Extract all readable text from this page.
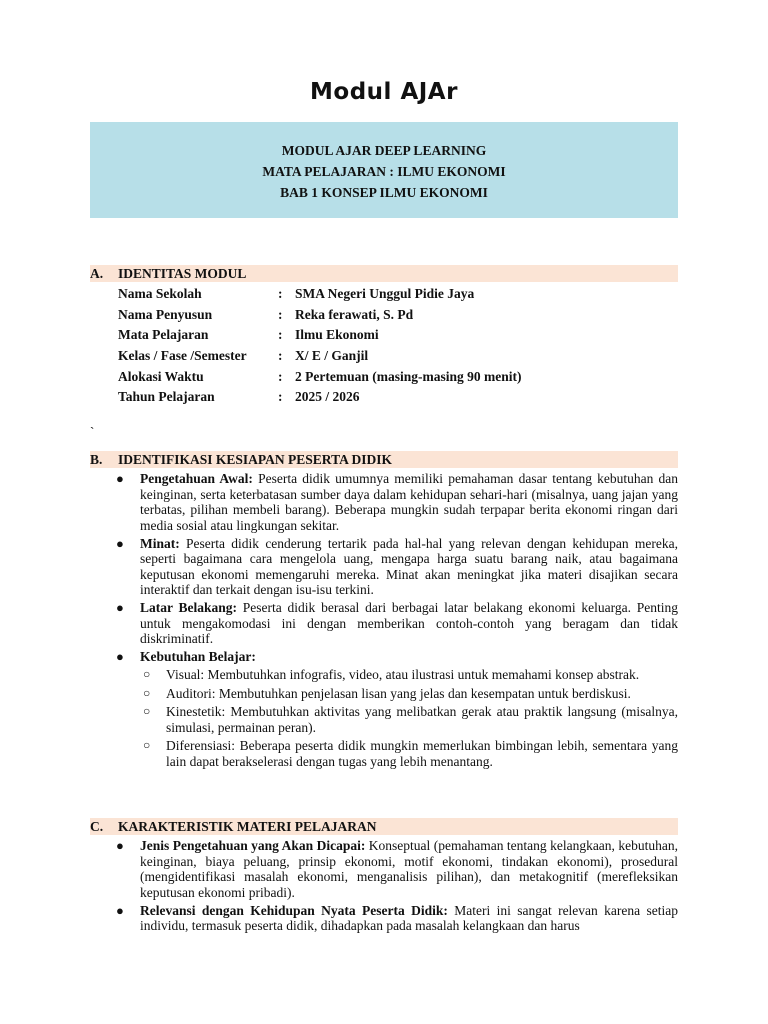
Modul AJAr
MODUL AJAR DEEP LEARNING
MATA PELAJARAN : ILMU EKONOMI
BAB 1 KONSEP ILMU EKONOMI
A. IDENTITAS MODUL
Nama Sekolah	: SMA Negeri Unggul Pidie Jaya
Nama Penyusun	: Reka ferawati, S. Pd
Mata Pelajaran	: Ilmu Ekonomi
Kelas / Fase /Semester : X/ E / Ganjil
Alokasi Waktu	: 2 Pertemuan (masing-masing 90 menit)
Tahun Pelajaran	: 2025 / 2026
`
B. IDENTIFIKASI KESIAPAN PESERTA DIDIK
● Pengetahuan Awal: Peserta didik umumnya memiliki pemahaman dasar tentang kebutuhan dan keinginan, serta keterbatasan sumber daya dalam kehidupan sehari-hari (misalnya, uang jajan yang terbatas, pilihan membeli barang). Beberapa mungkin sudah terpapar berita ekonomi ringan dari media sosial atau lingkungan sekitar.
● Minat: Peserta didik cenderung tertarik pada hal-hal yang relevan dengan kehidupan mereka, seperti bagaimana cara mengelola uang, mengapa harga suatu barang naik, atau bagaimana keputusan ekonomi memengaruhi mereka. Minat akan meningkat jika materi disajikan secara interaktif dan terkait dengan isu-isu terkini.
● Latar Belakang: Peserta didik berasal dari berbagai latar belakang ekonomi keluarga. Penting untuk mengakomodasi ini dengan memberikan contoh-contoh yang beragam dan tidak diskriminatif.
● Kebutuhan Belajar:
○ Visual: Membutuhkan infografis, video, atau ilustrasi untuk memahami konsep abstrak.
○ Auditori: Membutuhkan penjelasan lisan yang jelas dan kesempatan untuk berdiskusi.
○ Kinestetik: Membutuhkan aktivitas yang melibatkan gerak atau praktik langsung (misalnya, simulasi, permainan peran).
○ Diferensiasi: Beberapa peserta didik mungkin memerlukan bimbingan lebih, sementara yang lain dapat berakselerasi dengan tugas yang lebih menantang.
C. KARAKTERISTIK MATERI PELAJARAN
● Jenis Pengetahuan yang Akan Dicapai: Konseptual (pemahaman tentang kelangkaan, kebutuhan, keinginan, biaya peluang, prinsip ekonomi, motif ekonomi, tindakan ekonomi), prosedural (mengidentifikasi masalah ekonomi, menganalisis pilihan), dan metakognitif (merefleksikan keputusan ekonomi pribadi).
● Relevansi dengan Kehidupan Nyata Peserta Didik: Materi ini sangat relevan karena setiap individu, termasuk peserta didik, dihadapkan pada masalah kelangkaan dan harus
